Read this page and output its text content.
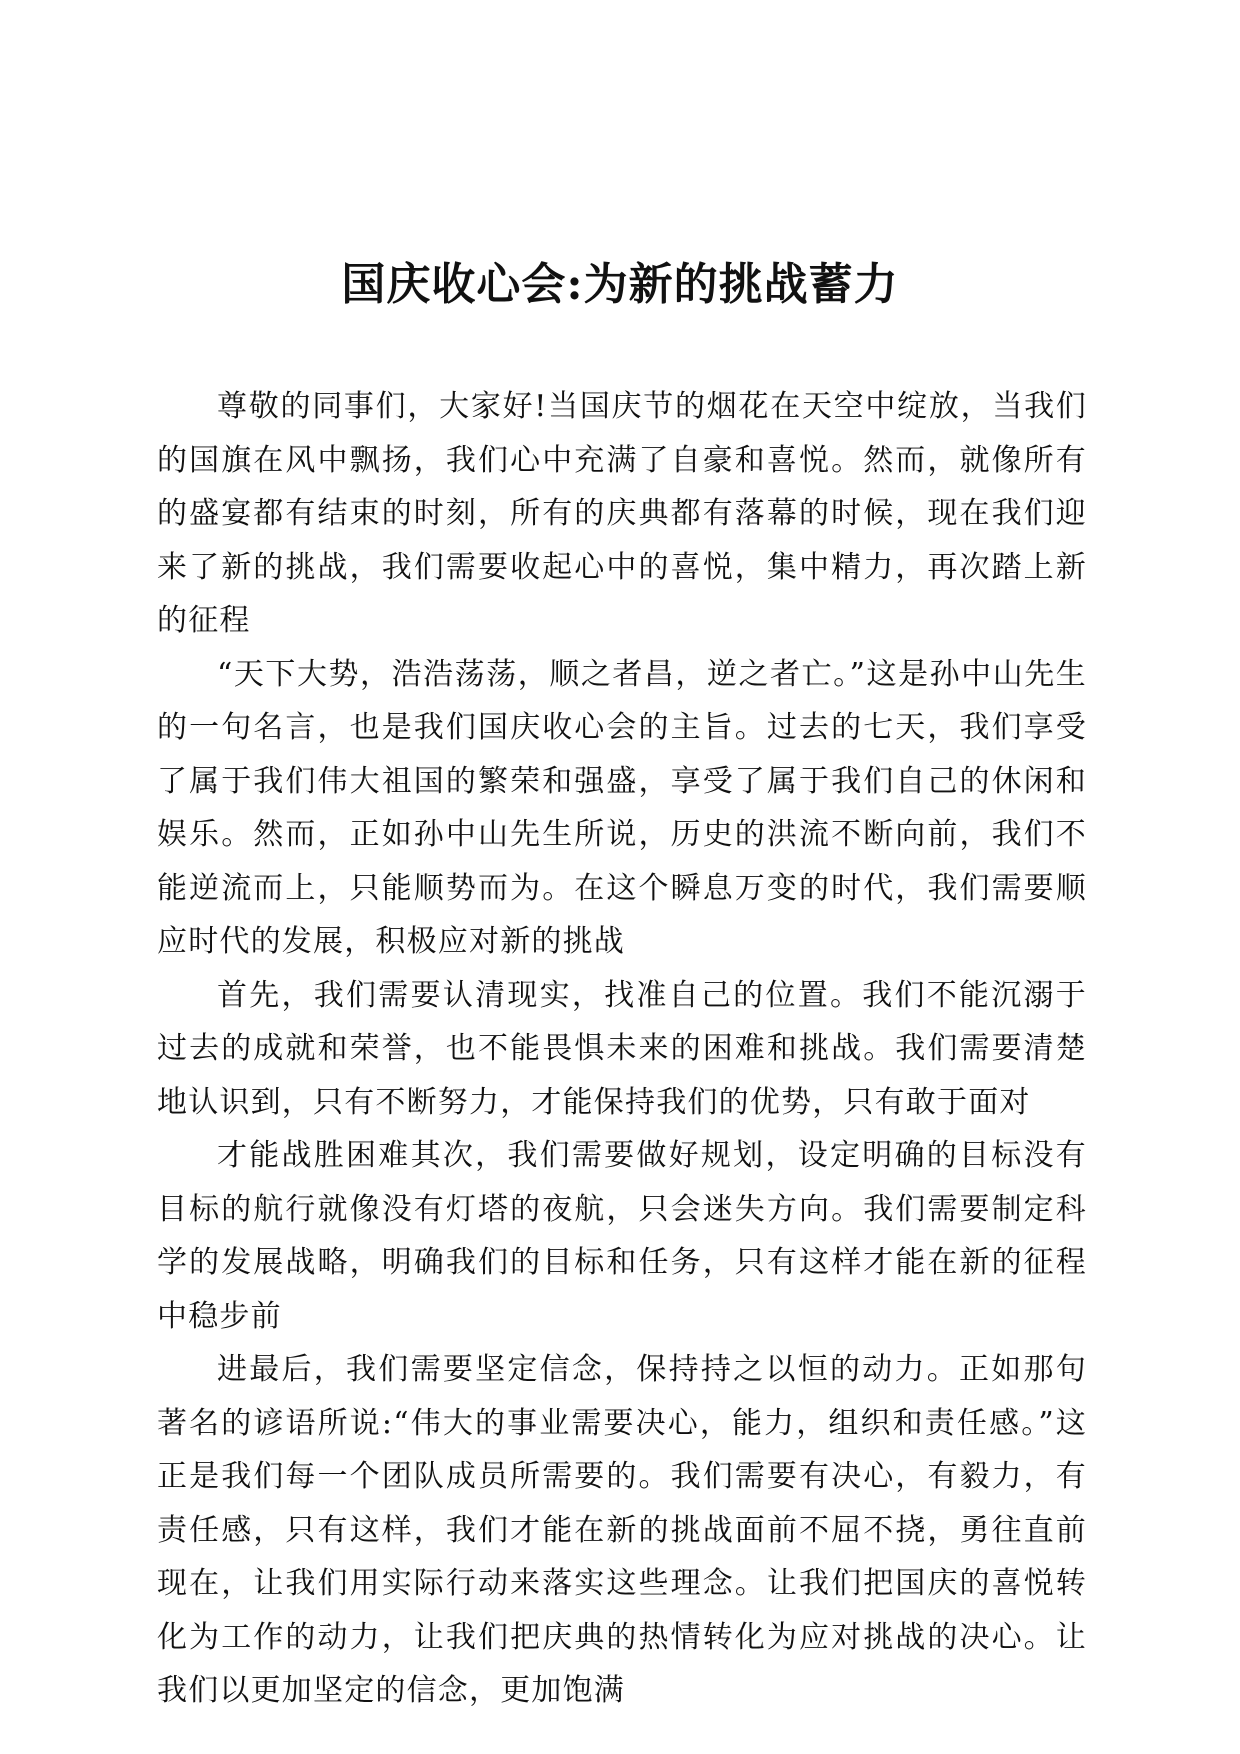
国庆收心会:为新的挑战蓄力

尊敬的同事们，大家好!当国庆节的烟花在天空中绽放，当我们的国旗在风中飘扬，我们心中充满了自豪和喜悦。然而，就像所有的盛宴都有结束的时刻，所有的庆典都有落幕的时候，现在我们迎来了新的挑战，我们需要收起心中的喜悦，集中精力，再次踏上新的征程

“天下大势，浩浩荡荡，顺之者昌，逆之者亡。”这是孙中山先生的一句名言，也是我们国庆收心会的主旨。过去的七天，我们享受了属于我们伟大祖国的繁荣和强盛，享受了属于我们自己的休闲和娱乐。然而，正如孙中山先生所说，历史的洪流不断向前，我们不能逆流而上，只能顺势而为。在这个瞬息万变的时代，我们需要顺应时代的发展，积极应对新的挑战

首先，我们需要认清现实，找准自己的位置。我们不能沉溺于过去的成就和荣誉，也不能畏惧未来的困难和挑战。我们需要清楚地认识到，只有不断努力，才能保持我们的优势，只有敢于面对

才能战胜困难其次，我们需要做好规划，设定明确的目标没有目标的航行就像没有灯塔的夜航，只会迷失方向。我们需要制定科学的发展战略，明确我们的目标和任务，只有这样才能在新的征程中稳步前

进最后，我们需要坚定信念，保持持之以恒的动力。正如那句著名的谚语所说:“伟大的事业需要决心，能力，组织和责任感。”这正是我们每一个团队成员所需要的。我们需要有决心，有毅力，有责任感，只有这样，我们才能在新的挑战面前不屈不挠，勇往直前现在，让我们用实际行动来落实这些理念。让我们把国庆的喜悦转化为工作的动力，让我们把庆典的热情转化为应对挑战的决心。让我们以更加坚定的信念，更加饱满
